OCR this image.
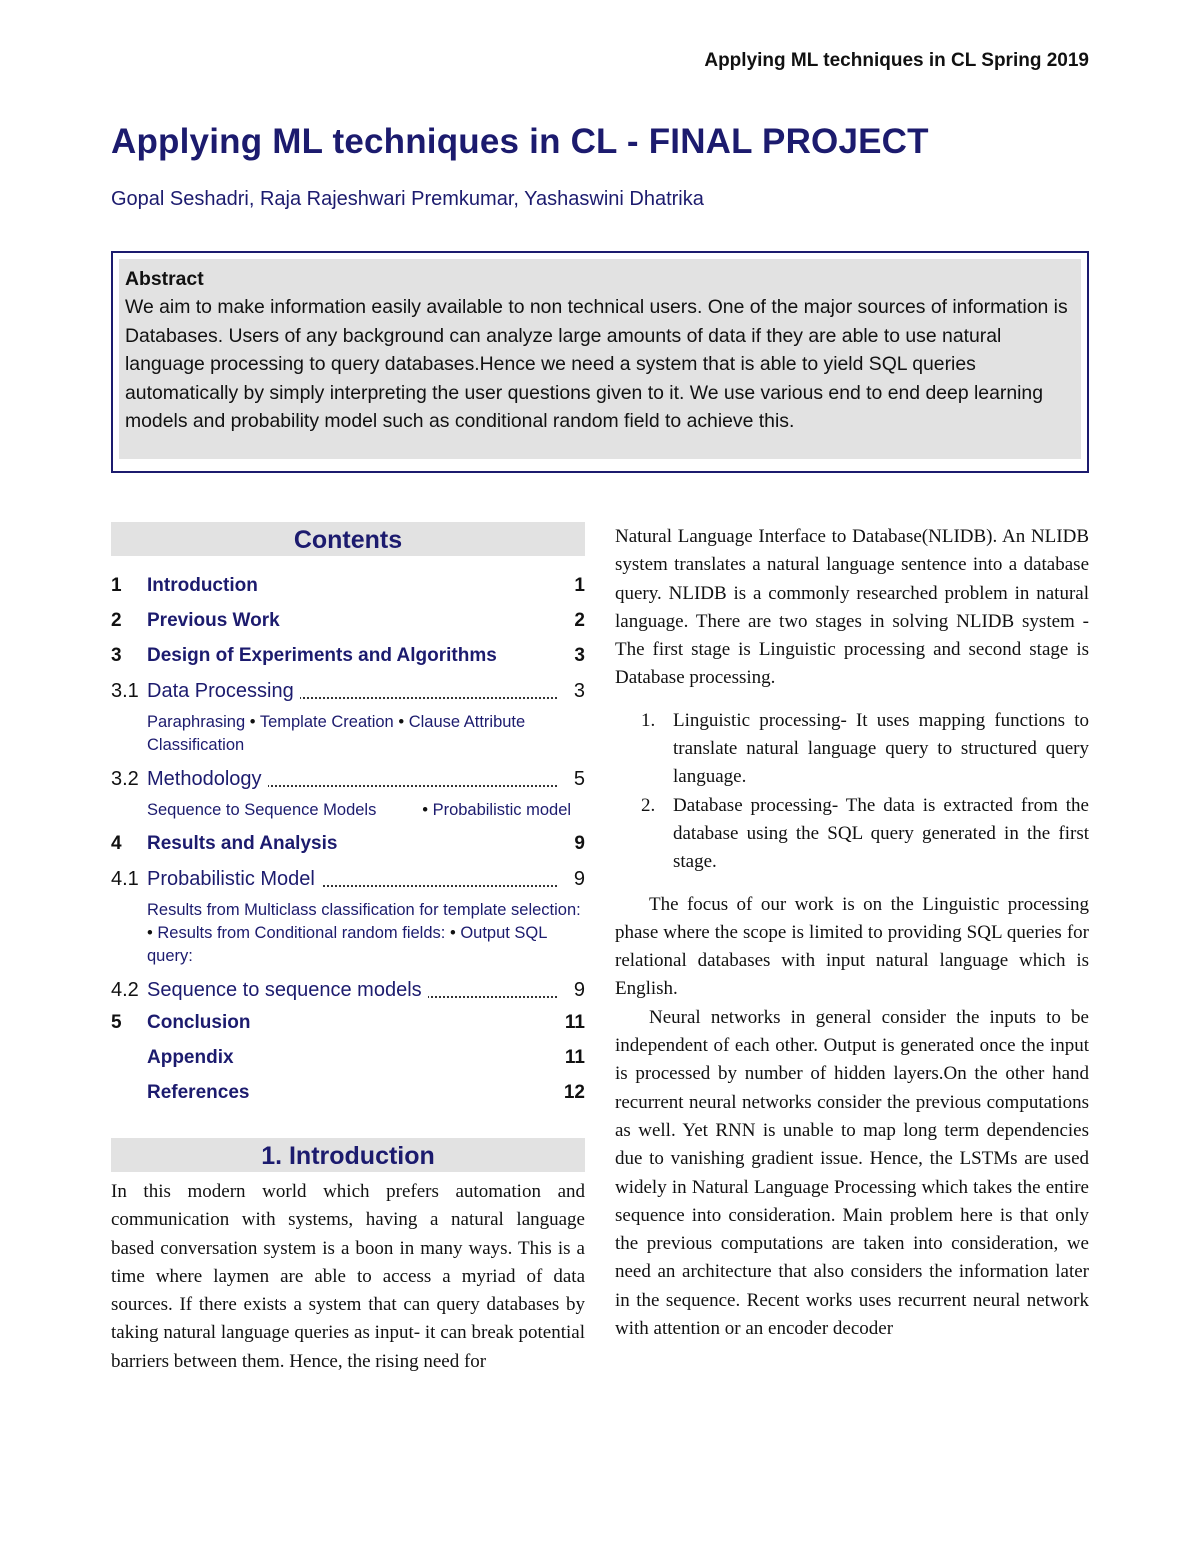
Applying ML techniques in CL Spring 2019
Applying ML techniques in CL - FINAL PROJECT
Gopal Seshadri, Raja Rajeshwari Premkumar, Yashaswini Dhatrika
Abstract
We aim to make information easily available to non technical users. One of the major sources of information is Databases. Users of any background can analyze large amounts of data if they are able to use natural language processing to query databases.Hence we need a system that is able to yield SQL queries automatically by simply interpreting the user questions given to it. We use various end to end deep learning models and probability model such as conditional random field to achieve this.
Contents
1 Introduction	1
2 Previous Work	2
3 Design of Experiments and Algorithms	3
3.1 Data Processing	3
Paraphrasing • Template Creation • Clause Attribute Classification
3.2 Methodology	5
Sequence to Sequence Models	• Probabilistic model
4 Results and Analysis	9
4.1 Probabilistic Model	9
Results from Multiclass classification for template selection: • Results from Conditional random fields: • Output SQL query:
4.2 Sequence to sequence models	9
5 Conclusion	11
Appendix	11
References	12
1. Introduction

In this modern world which prefers automation and communication with systems, having a natural language based conversation system is a boon in many ways. This is a time where laymen are able to access a myriad of data sources. If there exists a system that can query databases by taking natural language queries as input- it can break potential barriers between them. Hence, the rising need for

Natural Language Interface to Database(NLIDB). An NLIDB system translates a natural language sentence into a database query. NLIDB is a commonly researched problem in natural language. There are two stages in solving NLIDB system - The first stage is Linguistic processing and second stage is Database processing.

1. Linguistic processing- It uses mapping functions to translate natural language query to structured query language.
2. Database processing- The data is extracted from the database using the SQL query generated in the first stage.

The focus of our work is on the Linguistic processing phase where the scope is limited to providing SQL queries for relational databases with input natural language which is English.

Neural networks in general consider the inputs to be independent of each other. Output is generated once the input is processed by number of hidden layers.On the other hand recurrent neural networks consider the previous computations as well. Yet RNN is unable to map long term dependencies due to vanishing gradient issue. Hence, the LSTMs are used widely in Natural Language Processing which takes the entire sequence into consideration. Main problem here is that only the previous computations are taken into consideration, we need an architecture that also considers the information later in the sequence. Recent works uses recurrent neural network with attention or an encoder decoder
